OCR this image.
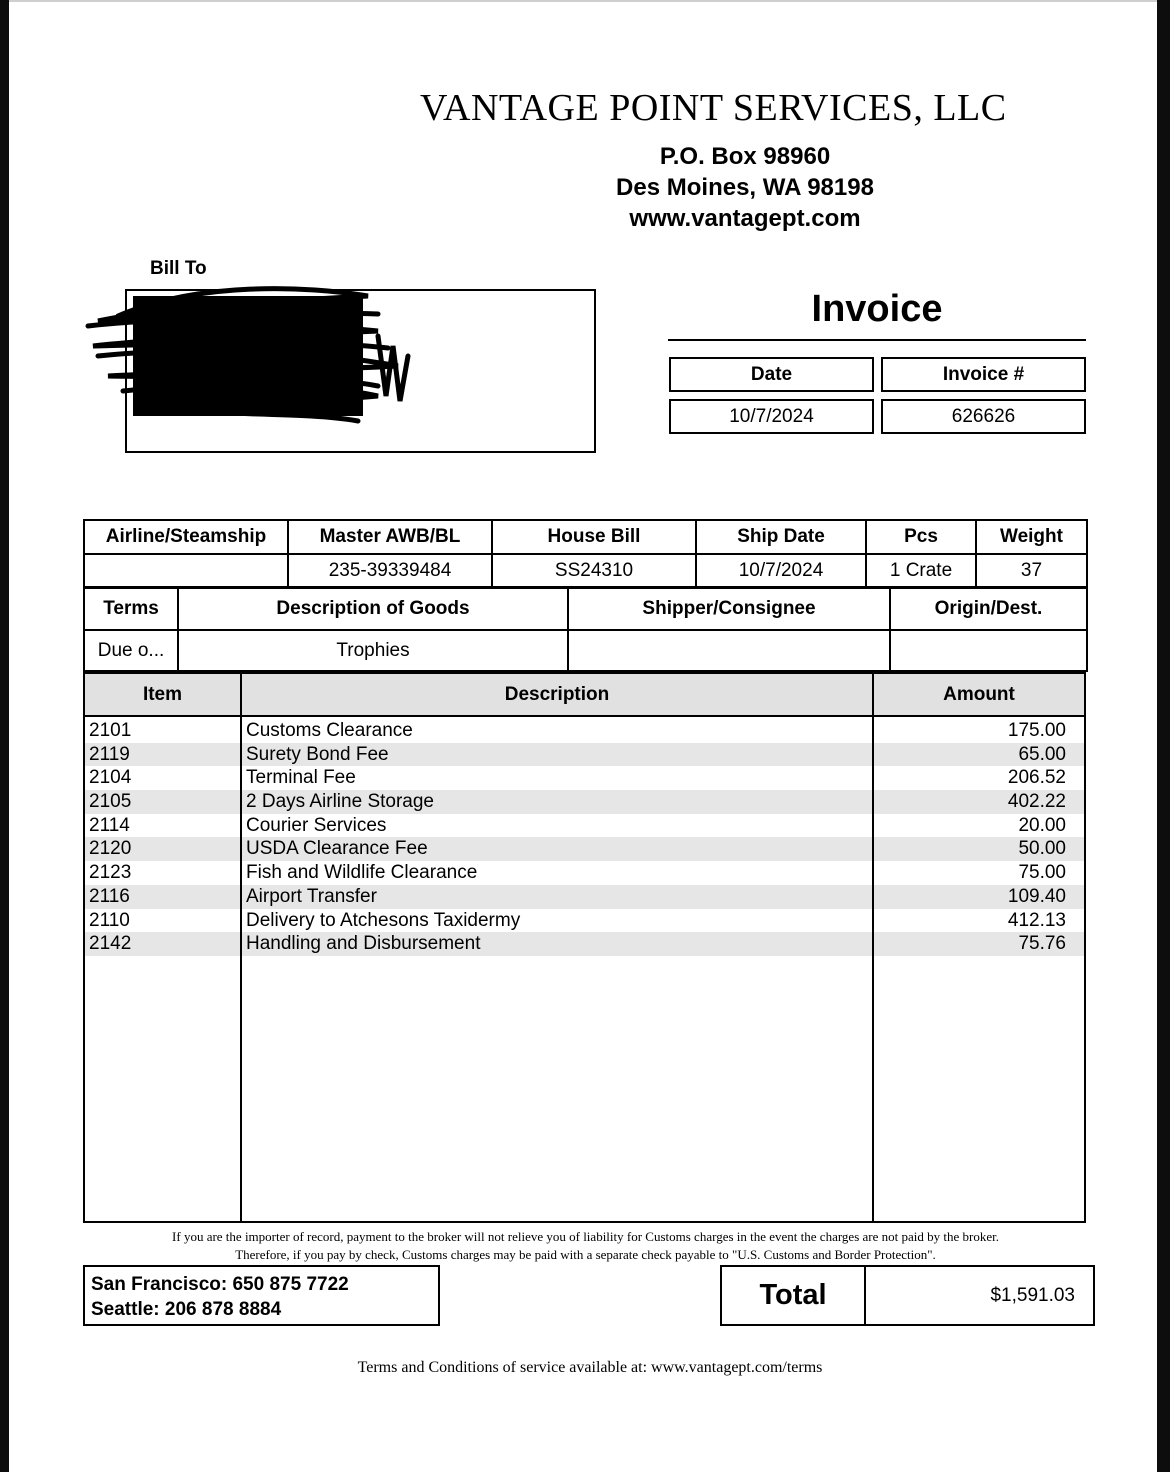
VANTAGE POINT SERVICES, LLC
P.O. Box 98960
Des Moines, WA 98198
www.vantagept.com
Bill To
Invoice
Date	Invoice #
10/7/2024	626626
Airline/Steamship	Master AWB/BL	House Bill	Ship Date	Pcs	Weight
	235-39339484	SS24310	10/7/2024	1 Crate	37
Terms	Description of Goods	Shipper/Consignee	Origin/Dest.
Due o...	Trophies		
Item	Description	Amount
2101	Customs Clearance	175.00
2119	Surety Bond Fee	65.00
2104	Terminal Fee	206.52
2105	2 Days Airline Storage	402.22
2114	Courier Services	20.00
2120	USDA Clearance Fee	50.00
2123	Fish and Wildlife Clearance	75.00
2116	Airport Transfer	109.40
2110	Delivery to Atchesons Taxidermy	412.13
2142	Handling and Disbursement	75.76
If you are the importer of record, payment to the broker will not relieve you of liability for Customs charges in the event the charges are not paid by the broker.
Therefore, if you pay by check, Customs charges may be paid with a separate check payable to "U.S. Customs and Border Protection".
San Francisco: 650 875 7722
Seattle: 206 878 8884	Total	$1,591.03
Terms and Conditions of service available at: www.vantagept.com/terms
